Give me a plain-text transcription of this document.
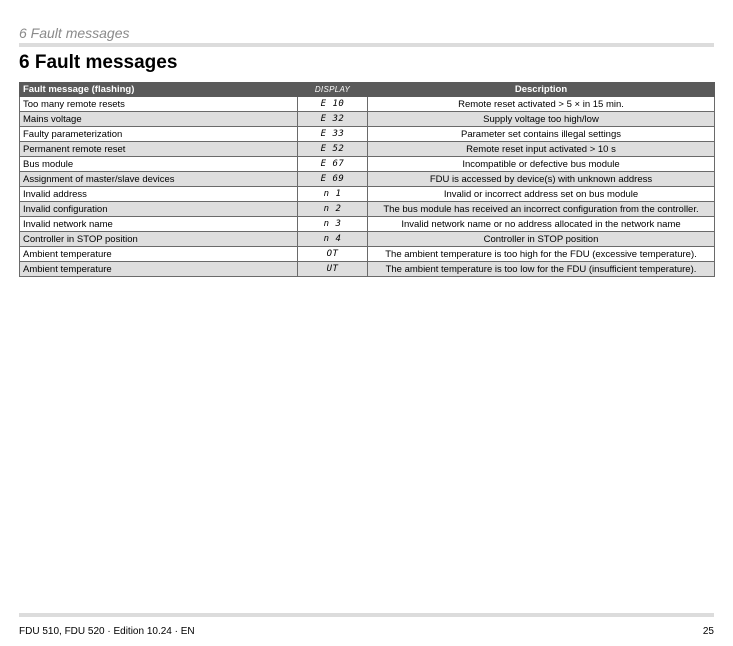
6 Fault messages
6 Fault messages
Fault message (flashing)	DISPLAY	Description
Too many remote resets	E 10	Remote reset activated > 5 × in 15 min.
Mains voltage	E 32	Supply voltage too high/low
Faulty parameterization	E 33	Parameter set contains illegal settings
Permanent remote reset	E 52	Remote reset input activated > 10 s
Bus module	E 67	Incompatible or defective bus module
Assignment of master/slave devices	E 69	FDU is accessed by device(s) with unknown address
Invalid address	n 1	Invalid or incorrect address set on bus module
Invalid configuration	n 2	The bus module has received an incorrect configuration from the controller.
Invalid network name	n 3	Invalid network name or no address allocated in the network name
Controller in STOP position	n 4	Controller in STOP position
Ambient temperature	OT	The ambient temperature is too high for the FDU (excessive temperature).
Ambient temperature	UT	The ambient temperature is too low for the FDU (insufficient temperature).
FDU 510, FDU 520 · Edition 10.24 · EN	25
